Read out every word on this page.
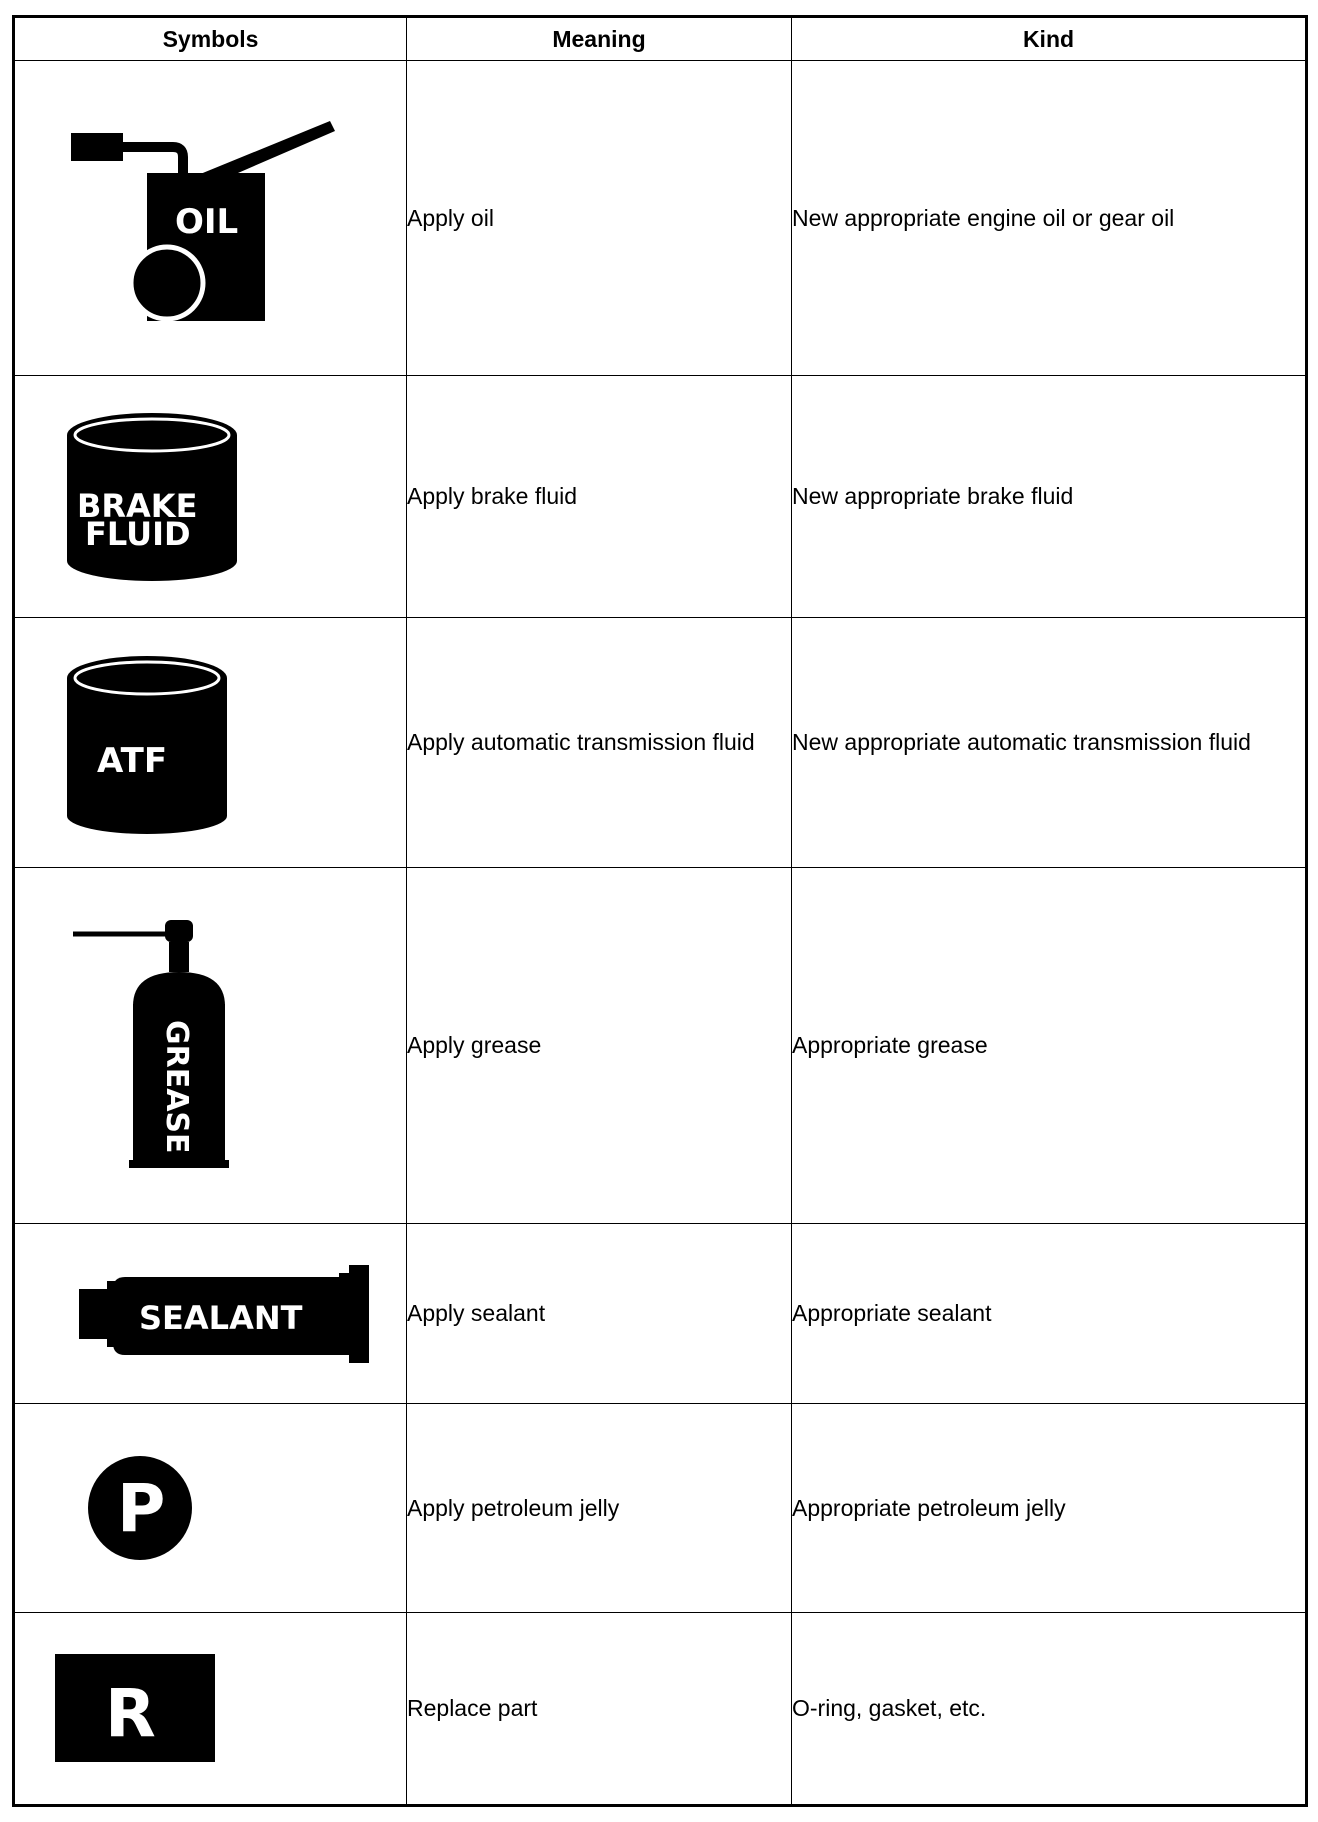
Symbols	Meaning	Kind

OIL	Apply oil	New appropriate engine oil or gear oil

BRAKE
FLUID	Apply brake fluid	New appropriate brake fluid

ATF	Apply automatic transmission fluid	New appropriate automatic transmission fluid

GREASE	Apply grease	Appropriate grease

SEALANT	Apply sealant	Appropriate sealant

P	Apply petroleum jelly	Appropriate petroleum jelly

R	Replace part	O-ring, gasket, etc.
